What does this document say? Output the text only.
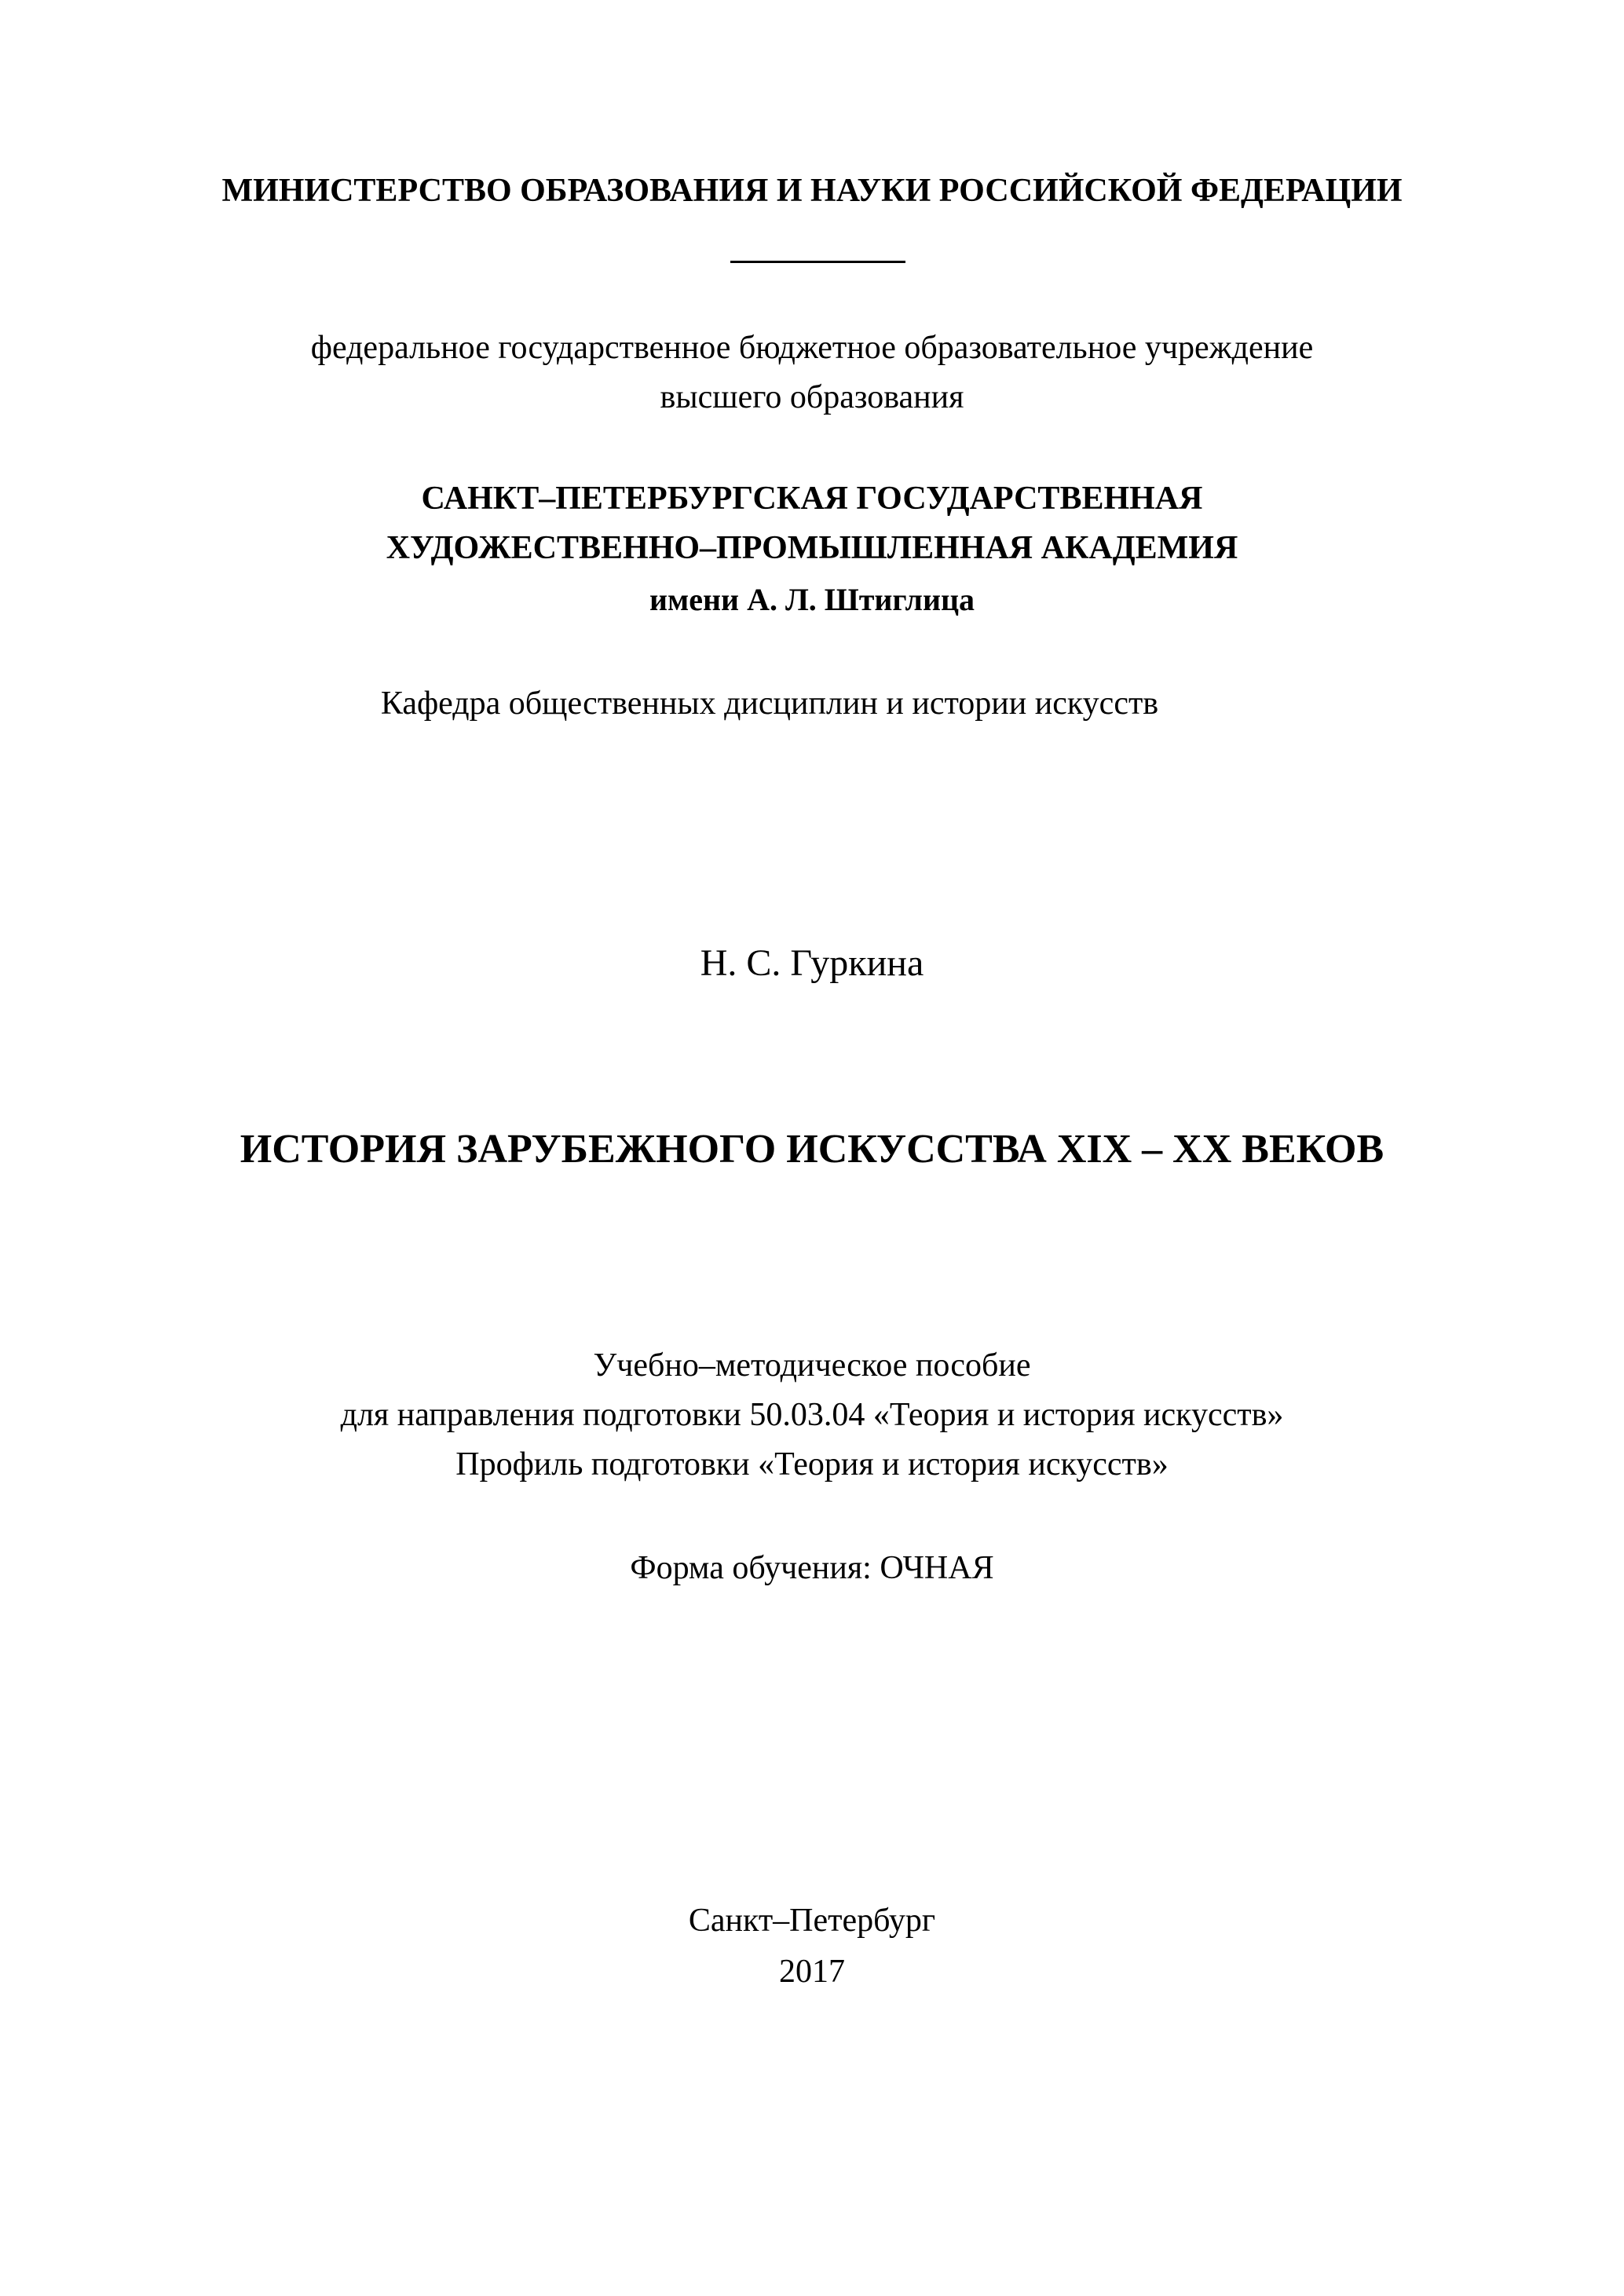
МИНИСТЕРСТВО ОБРАЗОВАНИЯ И НАУКИ РОССИЙСКОЙ ФЕДЕРАЦИИ
федеральное государственное бюджетное образовательное учреждение
высшего образования
САНКТ–ПЕТЕРБУРГСКАЯ ГОСУДАРСТВЕННАЯ
ХУДОЖЕСТВЕННО–ПРОМЫШЛЕННАЯ АКАДЕМИЯ
имени А. Л. Штиглица
Кафедра общественных дисциплин и истории искусств
Н. С. Гуркина
ИСТОРИЯ ЗАРУБЕЖНОГО ИСКУССТВА XIX – XX ВЕКОВ
Учебно–методическое пособие
для направления подготовки 50.03.04 «Теория и история искусств»
Профиль подготовки «Теория и история искусств»
Форма обучения: ОЧНАЯ
Санкт–Петербург
2017
